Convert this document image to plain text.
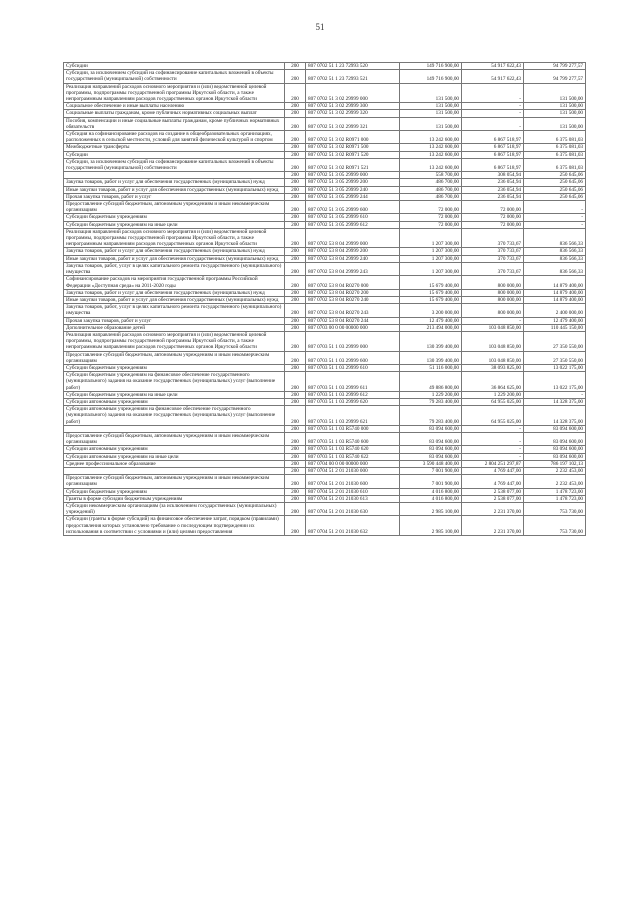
51
Субсидии	200	807 0702 51 1 23 72993 520	149 716 900,00	54 917 622,43	94 799 277,57
Субсидии, за исключением субсидий на софинансирование капитальных вложений в объекты государственной (муниципальной) собственности	200	807 0702 51 1 23 72993 521	149 716 900,00	54 917 622,43	94 799 277,57
Реализация направлений расходов основного мероприятия и (или) ведомственной целевой программы, подпрограммы государственной программы Иркутской области, а также непрограммным направлениям расходов государственных органов Иркутской области	200	807 0702 51 3 02 29999 000	131 500,00	-	131 500,00
Социальное обеспечение и иные выплаты населению	200	807 0702 51 3 02 29999 300	131 500,00	-	131 500,00
Социальные выплаты гражданам, кроме публичных нормативных социальных выплат	200	807 0702 51 3 02 29999 320	131 500,00	-	131 500,00
Пособия, компенсации и иные социальные выплаты гражданам, кроме публичных нормативных обязательств	200	807 0702 51 3 02 29999 321	131 500,00	-	131 500,00
Субсидия на софинансирование расходов на создание в общеобразовательных организациях, расположенных в сельской местности, условий для занятий физической культурой и спортом	200	807 0702 51 3 02 R0971 000	13 242 600,00	6 867 518,97	6 375 081,03
Межбюджетные трансферты	200	807 0702 51 3 02 R0971 500	13 242 600,00	6 867 518,97	6 375 081,03
Субсидии	200	807 0702 51 3 02 R0971 520	13 242 600,00	6 867 518,97	6 375 081,03
Субсидии, за исключением субсидий на софинансирование капитальных вложений в объекты государственной (муниципальной) собственности	200	807 0702 51 3 02 R0971 521	13 242 600,00	6 867 518,97	6 375 081,03
	200	807 0702 51 3 05 29999 000	558 700,00	308 054,94	250 645,06
Закупка товаров, работ и услуг для обеспечения государственных (муниципальных) нужд	200	807 0702 51 3 05 29999 200	486 700,00	236 054,94	250 645,06
Иные закупки товаров, работ и услуг для обеспечения государственных (муниципальных) нужд	200	807 0702 51 3 05 29999 240	486 700,00	236 054,94	250 645,06
Прочая закупка товаров, работ и услуг	200	807 0702 51 3 05 29999 244	486 700,00	236 054,94	250 645,06
Предоставление субсидий бюджетным, автономным учреждениям и иным некоммерческим организациям	200	807 0702 51 3 05 29999 600	72 000,00	72 000,00	-
Субсидии бюджетным учреждениям	200	807 0702 51 3 05 29999 610	72 000,00	72 000,00	-
Субсидии бюджетным учреждениям на иные цели	200	807 0702 51 3 05 29999 612	72 000,00	72 000,00	-
Реализация направлений расходов основного мероприятия и (или) ведомственной целевой программы, подпрограммы государственной программы Иркутской области, а также непрограммным направлениям расходов государственных органов Иркутской области	200	807 0702 53 8 04 29999 000	1 207 300,00	370 733,67	836 566,33
Закупка товаров, работ и услуг для обеспечения государственных (муниципальных) нужд	200	807 0702 53 8 04 29999 200	1 207 300,00	370 733,67	836 566,33
Иные закупки товаров, работ и услуг для обеспечения государственных (муниципальных) нужд	200	807 0702 53 8 04 29999 240	1 207 300,00	370 733,67	836 566,33
Закупка товаров, работ, услуг в целях капитального ремонта государственного (муниципального) имущества	200	807 0702 53 8 04 29999 243	1 207 300,00	370 733,67	836 566,33
Софинансирование расходов на мероприятия государственной программы Российской Федерации «Доступная среда» на 2011-2020 годы	200	807 0702 53 8 04 R0270 000	15 679 400,00	800 000,00	14 879 400,00
Закупка товаров, работ и услуг для обеспечения государственных (муниципальных) нужд	200	807 0702 53 8 04 R0270 200	15 679 400,00	800 000,00	14 879 400,00
Иные закупки товаров, работ и услуг для обеспечения государственных (муниципальных) нужд	200	807 0702 53 8 04 R0270 240	15 679 400,00	800 000,00	14 879 400,00
Закупка товаров, работ, услуг в целях капитального ремонта государственного (муниципального) имущества	200	807 0702 53 8 04 R0270 243	3 200 000,00	800 000,00	2 400 000,00
Прочая закупка товаров, работ и услуг	200	807 0702 53 8 04 R0270 244	12 479 400,00	-	12 479 400,00
Дополнительное образование детей	200	807 0703 00 0 00 00000 000	213 494 000,00	103 048 850,00	110 445 150,00
Реализация направлений расходов основного мероприятия и (или) ведомственной целевой программы, подпрограммы государственной программы Иркутской области, а также непрограммным направлениям расходов государственных органов Иркутской области	200	807 0703 51 1 03 29999 000	130 399 400,00	103 048 850,00	27 350 550,00
Предоставление субсидий бюджетным, автономным учреждениям и иным некоммерческим организациям	200	807 0703 51 1 03 29999 600	130 399 400,00	103 048 850,00	27 350 550,00
Субсидии бюджетным учреждениям	200	807 0703 51 1 03 29999 610	51 116 000,00	38 093 825,00	13 022 175,00
Субсидии бюджетным учреждениям на финансовое обеспечение государственного (муниципального) задания на оказание государственных (муниципальных) услуг (выполнение работ)	200	807 0703 51 1 03 29999 611	49 886 800,00	36 864 625,00	13 022 175,00
Субсидии бюджетным учреждениям на иные цели	200	807 0703 51 1 03 29999 612	1 229 200,00	1 229 200,00	-
Субсидии автономным учреждениям	200	807 0703 51 1 03 29999 620	79 283 400,00	64 955 025,00	14 328 375,00
Субсидии автономным учреждениям на финансовое обеспечение государственного (муниципального) задания на оказание государственных (муниципальных) услуг (выполнение работ)	200	807 0703 51 1 03 29999 621	79 283 400,00	64 955 025,00	14 328 375,00
	200	807 0703 51 1 03 R5740 000	83 094 600,00	-	83 094 600,00
Предоставление субсидий бюджетным, автономным учреждениям и иным некоммерческим организациям	200	807 0703 51 1 03 R5740 600	83 094 600,00	-	83 094 600,00
Субсидии автономным учреждениям	200	807 0703 51 1 03 R5740 620	83 094 600,00	-	83 094 600,00
Субсидии автономным учреждениям на иные цели	200	807 0703 51 1 03 R5740 622	83 094 600,00	-	83 094 600,00
Среднее профессиональное образование	200	807 0704 00 0 00 00000 000	3 590 448 400,00	2 804 251 297,87	786 197 102,13
	200	807 0704 51 2 01 21030 000	7 001 900,00	4 769 447,00	2 232 453,00
Предоставление субсидий бюджетным, автономным учреждениям и иным некоммерческим организациям	200	807 0704 51 2 01 21030 600	7 001 900,00	4 769 447,00	2 232 453,00
Субсидии бюджетным учреждениям	200	807 0704 51 2 01 21030 610	4 016 800,00	2 538 077,00	1 478 723,00
Гранты в форме субсидии бюджетным учреждениям	200	807 0704 51 2 01 21030 613	4 016 800,00	2 538 077,00	1 478 723,00
Субсидии некоммерческим организациям (за исключением государственных (муниципальных) учреждений)	200	807 0704 51 2 01 21030 630	2 985 100,00	2 231 370,00	753 730,00
Субсидии (гранты в форме субсидий) на финансовое обеспечение затрат, порядком (правилами) предоставления которых установлено требование о последующем подтверждении их использования в соответствии с условиями и (или) целями предоставления	200	807 0704 51 2 01 21030 632	2 985 100,00	2 231 370,00	753 730,00
